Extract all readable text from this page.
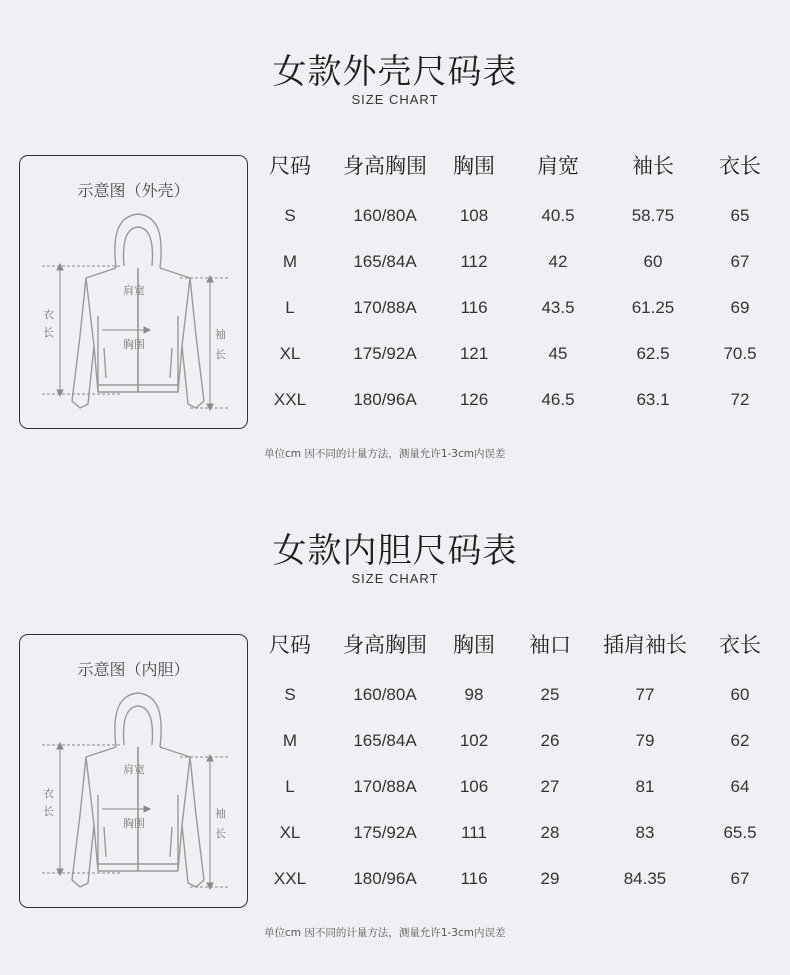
女款外壳尺码表
SIZE CHART
示意图（外壳）
肩宽
胸围
衣
长	袖
长
尺码	身高胸围	胸围	肩宽	袖长	衣长
S	160/80A	108	40.5	58.75	65
M	165/84A	112	42	60	67
L	170/88A	116	43.5	61.25	69
XL	175/92A	121	45	62.5	70.5
XXL	180/96A	126	46.5	63.1	72
单位cm 因不同的计量方法，测量允许1-3cm内误差
女款内胆尺码表
SIZE CHART
示意图（内胆）
肩宽
胸围
衣
长	袖
长
尺码	身高胸围	胸围	袖口	插肩袖长	衣长
S	160/80A	98	25	77	60
M	165/84A	102	26	79	62
L	170/88A	106	27	81	64
XL	175/92A	111	28	83	65.5
XXL	180/96A	116	29	84.35	67
单位cm 因不同的计量方法，测量允许1-3cm内误差
